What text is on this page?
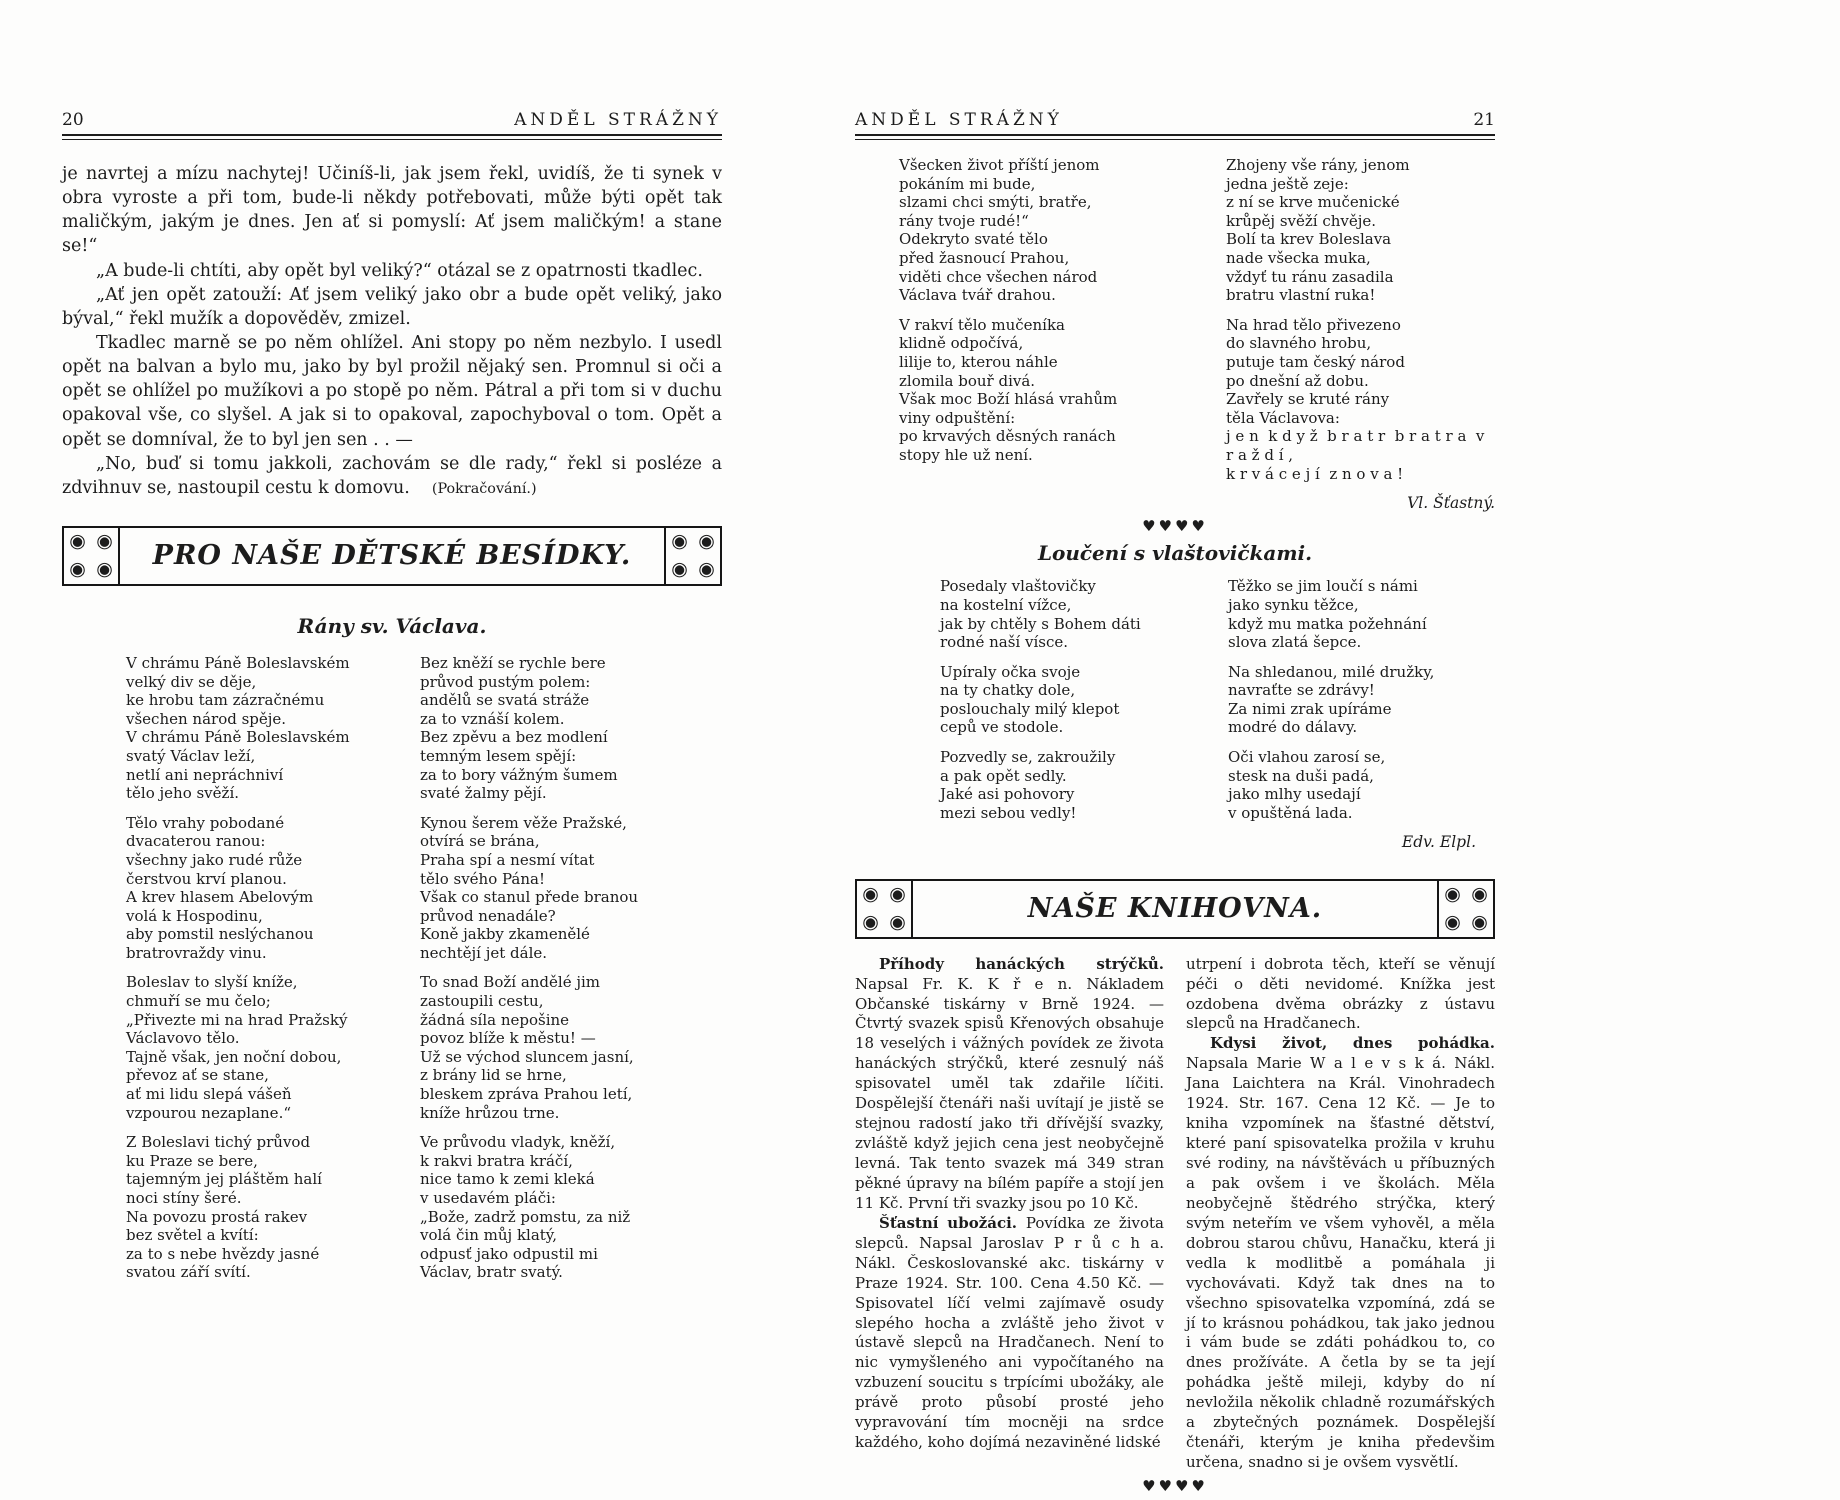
20	ANDĚL STRÁŽNÝ

je navrtej a mízu nachytej! Učiníš-li, jak jsem řekl, uvidíš, že ti synek v obra vyroste a při tom, bude-li někdy potřebovati, může býti opět tak maličkým, jakým je dnes. Jen ať si pomyslí: Ať jsem maličkým! a stane se!“

„A bude-li chtíti, aby opět byl veliký?“ otázal se z opatrnosti tkadlec.

„Ať jen opět zatouží: Ať jsem veliký jako obr a bude opět veliký, jako býval,“ řekl mužík a dopověděv, zmizel.

Tkadlec marně se po něm ohlížel. Ani stopy po něm nezbylo. I usedl opět na balvan a bylo mu, jako by byl prožil nějaký sen. Promnul si oči a opět se ohlížel po mužíkovi a po stopě po něm. Pátral a při tom si v duchu opakoval vše, co slyšel. A jak si to opakoval, zapochyboval o tom. Opět a opět se domníval, že to byl jen sen . . —

„No, buď si tomu jakkoli, zachovám se dle rady,“ řekl si posléze a zdvihnuv se, nastoupil cestu k domovu. (Pokračování.)

◉ ◉
◉ ◉	PRO NAŠE DĚTSKÉ BESÍDKY.	◉ ◉
◉ ◉
Rány sv. Václava.
V chrámu Páně Boleslavském
velký div se děje,
ke hrobu tam zázračnému
všechen národ spěje.
V chrámu Páně Boleslavském
svatý Václav leží,
netlí ani nepráchniví
tělo jeho svěží.
Tělo vrahy pobodané
dvacaterou ranou:
všechny jako rudé růže
čerstvou krví planou.
A krev hlasem Abelovým
volá k Hospodinu,
aby pomstil neslýchanou
bratrovraždy vinu.
Boleslav to slyší kníže,
chmuří se mu čelo;
„Přivezte mi na hrad Pražský
Václavovo tělo.
Tajně však, jen noční dobou,
převoz ať se stane,
ať mi lidu slepá vášeň
vzpourou nezaplane.“
Z Boleslavi tichý průvod
ku Praze se bere,
tajemným jej pláštěm halí
noci stíny šeré.
Na povozu prostá rakev
bez světel a kvítí:
za to s nebe hvězdy jasné
svatou září svítí.
Bez kněží se rychle bere
průvod pustým polem:
andělů se svatá stráže
za to vznáší kolem.
Bez zpěvu a bez modlení
temným lesem spějí:
za to bory vážným šumem
svaté žalmy pějí.
Kynou šerem věže Pražské,
otvírá se brána,
Praha spí a nesmí vítat
tělo svého Pána!
Však co stanul přede branou
průvod nenadále?
Koně jakby zkamenělé
nechtějí jet dále.
To snad Boží andělé jim
zastoupili cestu,
žádná síla nepošine
povoz blíže k městu! —
Už se východ sluncem jasní,
z brány lid se hrne,
bleskem zpráva Prahou letí,
kníže hrůzou trne.
Ve průvodu vladyk, kněží,
k rakvi bratra kráčí,
nice tamo k zemi kleká
v usedavém pláči:
„Bože, zadrž pomstu, za niž
volá čin můj klatý,
odpusť jako odpustil mi
Václav, bratr svatý.
ANDĚL STRÁŽNÝ	21
Všecken život příští jenom
pokáním mi bude,
slzami chci smýti, bratře,
rány tvoje rudé!“
Odekryto svaté tělo
před žasnoucí Prahou,
viděti chce všechen národ
Václava tvář drahou.
V rakví tělo mučeníka
klidně odpočívá,
lilije to, kterou náhle
zlomila bouř divá.
Však moc Boží hlásá vrahům
viny odpuštění:
po krvavých děsných ranách
stopy hle už není.
Zhojeny vše rány, jenom
jedna ještě zeje:
z ní se krve mučenické
krůpěj svěží chvěje.
Bolí ta krev Boleslava
nade všecka muka,
vždyť tu ránu zasadila
bratru vlastní ruka!
Na hrad tělo přivezeno
do slavného hrobu,
putuje tam český národ
po dnešní až dobu.
Zavřely se kruté rány
těla Václavova:
j e n  k d y ž  b r a t r  b r a t r a  v r a ž d í ,
k r v á c e j í  z n o v a !
Vl. Šťastný.
♥♥♥♥
Loučení s vlaštovičkami.
Posedaly vlaštovičky
na kostelní vížce,
jak by chtěly s Bohem dáti
rodné naší vísce.
Upíraly očka svoje
na ty chatky dole,
poslouchaly milý klepot
cepů ve stodole.
Pozvedly se, zakroužily
a pak opět sedly.
Jaké asi pohovory
mezi sebou vedly!
Těžko se jim loučí s námi
jako synku těžce,
když mu matka požehnání
slova zlatá šepce.
Na shledanou, milé družky,
navraťte se zdrávy!
Za nimi zrak upíráme
modré do dálavy.
Oči vlahou zarosí se,
stesk na duši padá,
jako mlhy usedají
v opuštěná lada.
Edv. Elpl.
◉ ◉
◉ ◉	NAŠE KNIHOVNA.	◉ ◉
◉ ◉

Příhody hanáckých strýčků. Napsal Fr. K. K ř e n. Nákladem Občanské tiskárny v Brně 1924. — Čtvrtý svazek spisů Křenových obsahuje 18 veselých i vážných povídek ze života hanáckých strýčků, které zesnulý náš spisovatel uměl tak zdařile líčiti. Dospělejší čtenáři naši uvítají je jistě se stejnou radostí jako tři dřívější svazky, zvláště když jejich cena jest neobyčejně levná. Tak tento svazek má 349 stran pěkné úpravy na bílém papíře a stojí jen 11 Kč. První tři svazky jsou po 10 Kč.

Šťastní ubožáci. Povídka ze života slepců. Napsal Jaroslav P r ů c h a. Nákl. Českoslovanské akc. tiskárny v Praze 1924. Str. 100. Cena 4.50 Kč. — Spisovatel líčí velmi zajímavě osudy slepého hocha a zvláště jeho život v ústavě slepců na Hradčanech. Není to nic vymyšleného ani vypočítaného na vzbuzení soucitu s trpícími ubožáky, ale právě proto působí prosté jeho vypravování tím mocněji na srdce každého, koho dojímá nezaviněné lidské

utrpení i dobrota těch, kteří se věnují péči o děti nevidomé. Knížka jest ozdobena dvěma obrázky z ústavu slepců na Hradčanech.

Kdysi život, dnes pohádka. Napsala Marie W a l e v s k á. Nákl. Jana Laichtera na Král. Vinohradech 1924. Str. 167. Cena 12 Kč. — Je to kniha vzpomínek na šťastné dětství, které paní spisovatelka prožila v kruhu své rodiny, na návštěvách u příbuzných a pak ovšem i ve školách. Měla neobyčejně štědrého strýčka, který svým neteřím ve všem vyhověl, a měla dobrou starou chůvu, Hanačku, která ji vedla k modlitbě a pomáhala ji vychovávati. Když tak dnes na to všechno spisovatelka vzpomíná, zdá se jí to krásnou pohádkou, tak jako jednou i vám bude se zdáti pohádkou to, co dnes prožíváte. A četla by se ta její pohádka ještě mileji, kdyby do ní nevložila několik chladně rozumářských a zbytečných poznámek. Dospělejší čtenáři, kterým je kniha předevšim určena, snadno si je ovšem vysvětlí.

♥♥♥♥
